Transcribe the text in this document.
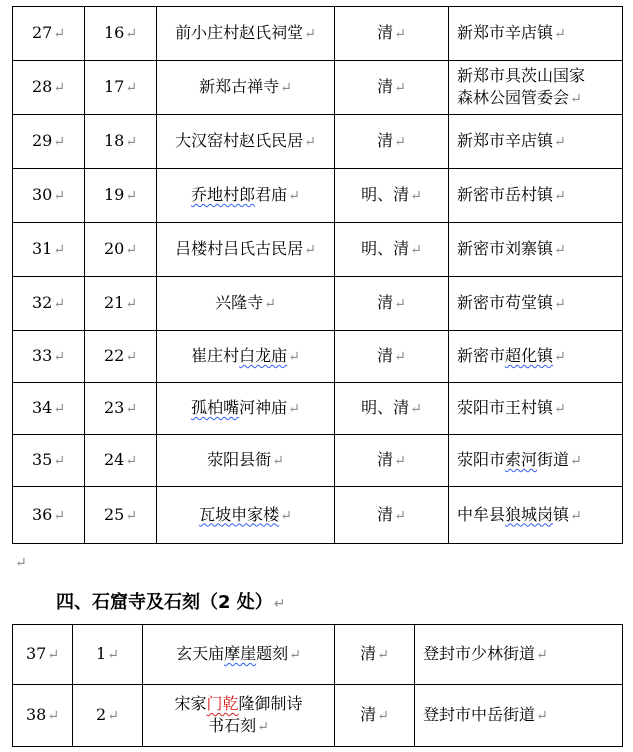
27 ↵	16 ↵	前小庄村赵氏祠堂 ↵	清 ↵	新郑市辛店镇 ↵
28 ↵	17 ↵	新郑古禅寺 ↵	清 ↵	新郑市具茨山国家
森林公园管委会 ↵
29 ↵	18 ↵	大汉窑村赵氏民居 ↵	清 ↵	新郑市辛店镇 ↵
30 ↵	19 ↵	乔地村郎君庙 ↵	明、清 ↵	新密市岳村镇 ↵
31 ↵	20 ↵	吕楼村吕氏古民居 ↵	明、清 ↵	新密市刘寨镇 ↵
32 ↵	21 ↵	兴隆寺 ↵	清 ↵	新密市苟堂镇 ↵
33 ↵	22 ↵	崔庄村白龙庙 ↵	清 ↵	新密市超化镇 ↵
34 ↵	23 ↵	孤柏嘴河神庙 ↵	明、清 ↵	荥阳市王村镇 ↵
35 ↵	24 ↵	荥阳县衙 ↵	清 ↵	荥阳市索河街道 ↵
36 ↵	25 ↵	瓦坡申家楼 ↵	清 ↵	中牟县狼城岗镇 ↵
↵
四、石窟寺及石刻（2 处） ↵
37 ↵	1 ↵	玄天庙摩崖题刻 ↵	清 ↵	登封市少林街道 ↵
38 ↵	2 ↵	宋家门乾隆御制诗
书石刻 ↵	清 ↵	登封市中岳街道 ↵
